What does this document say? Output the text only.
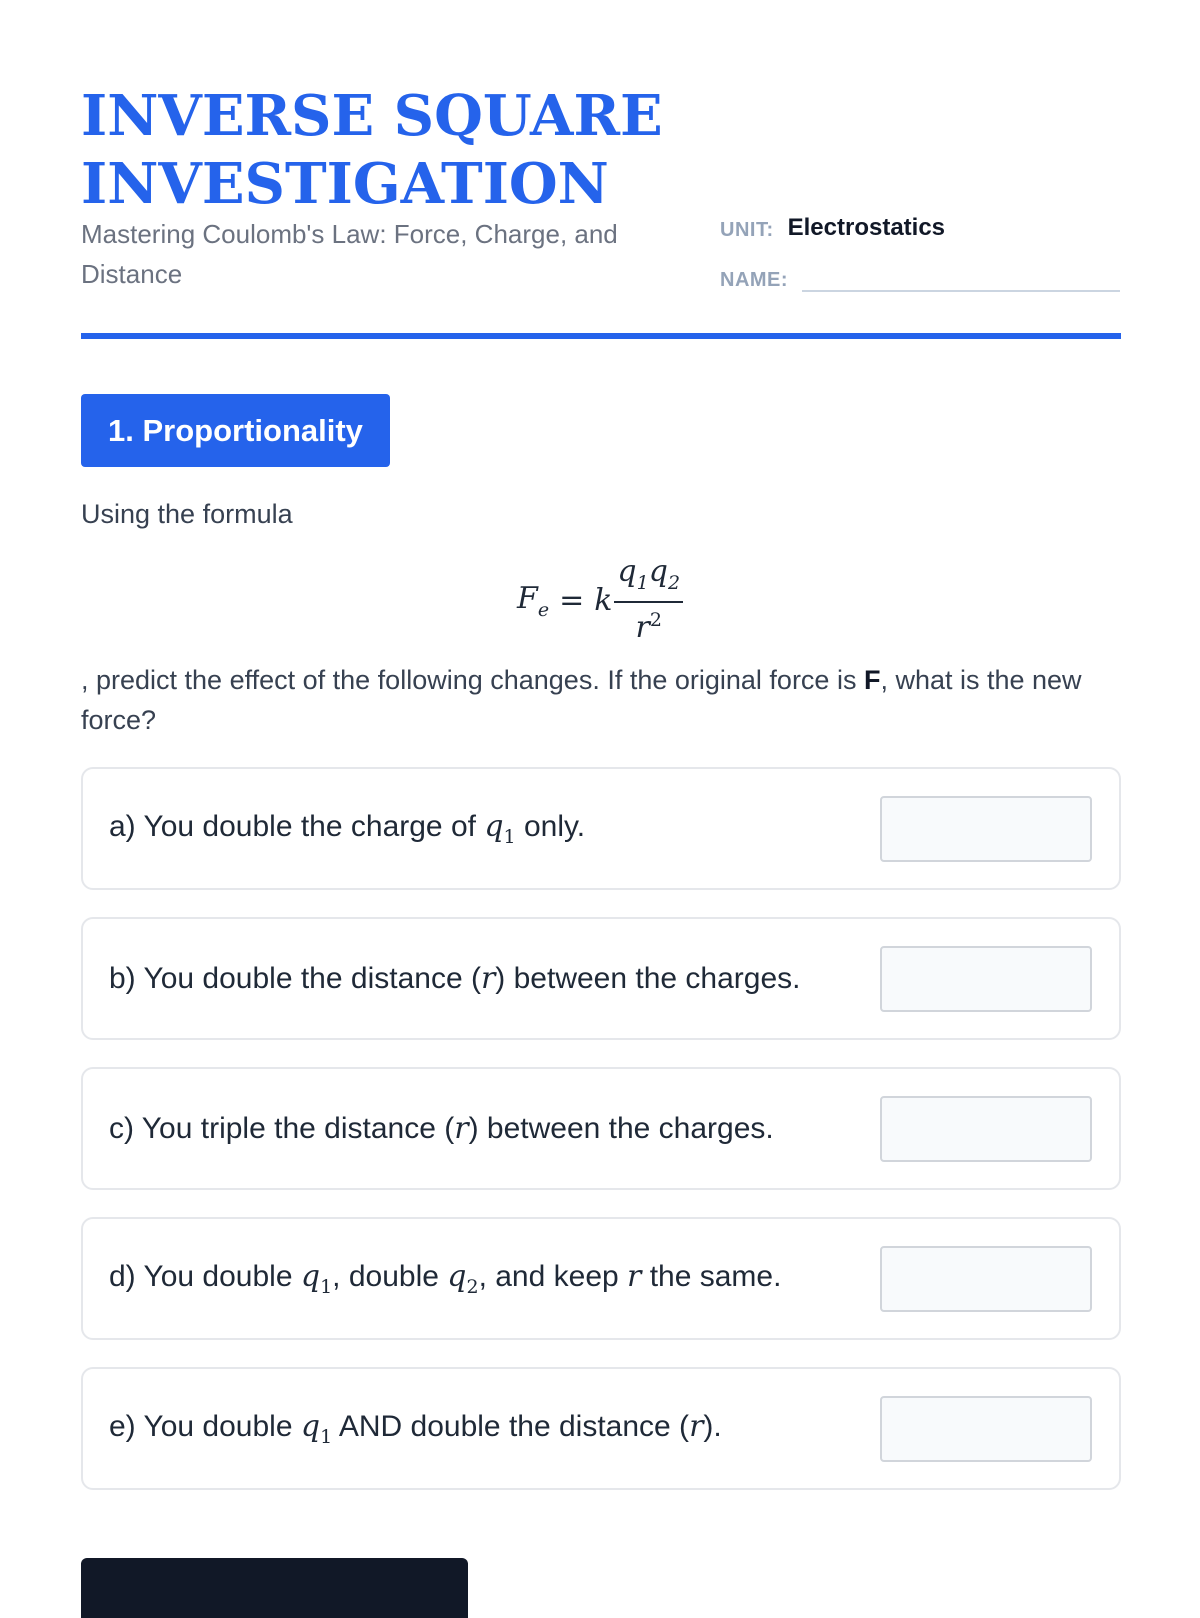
INVERSE SQUARE
INVESTIGATION
Mastering Coulomb's Law: Force, Charge, and Distance
UNIT: Electrostatics
NAME:
1. Proportionality
Using the formula
$F_e = k \frac{q_1q_2}{r^2}$
, predict the effect of the following changes. If the original force is F, what is the new force?
a) You double the charge of $q_1$ only.
b) You double the distance (r) between the charges.
c) You triple the distance (r) between the charges.
d) You double $q_1$, double $q_2$, and keep r the same.
e) You double $q_1$ AND double the distance (r).
